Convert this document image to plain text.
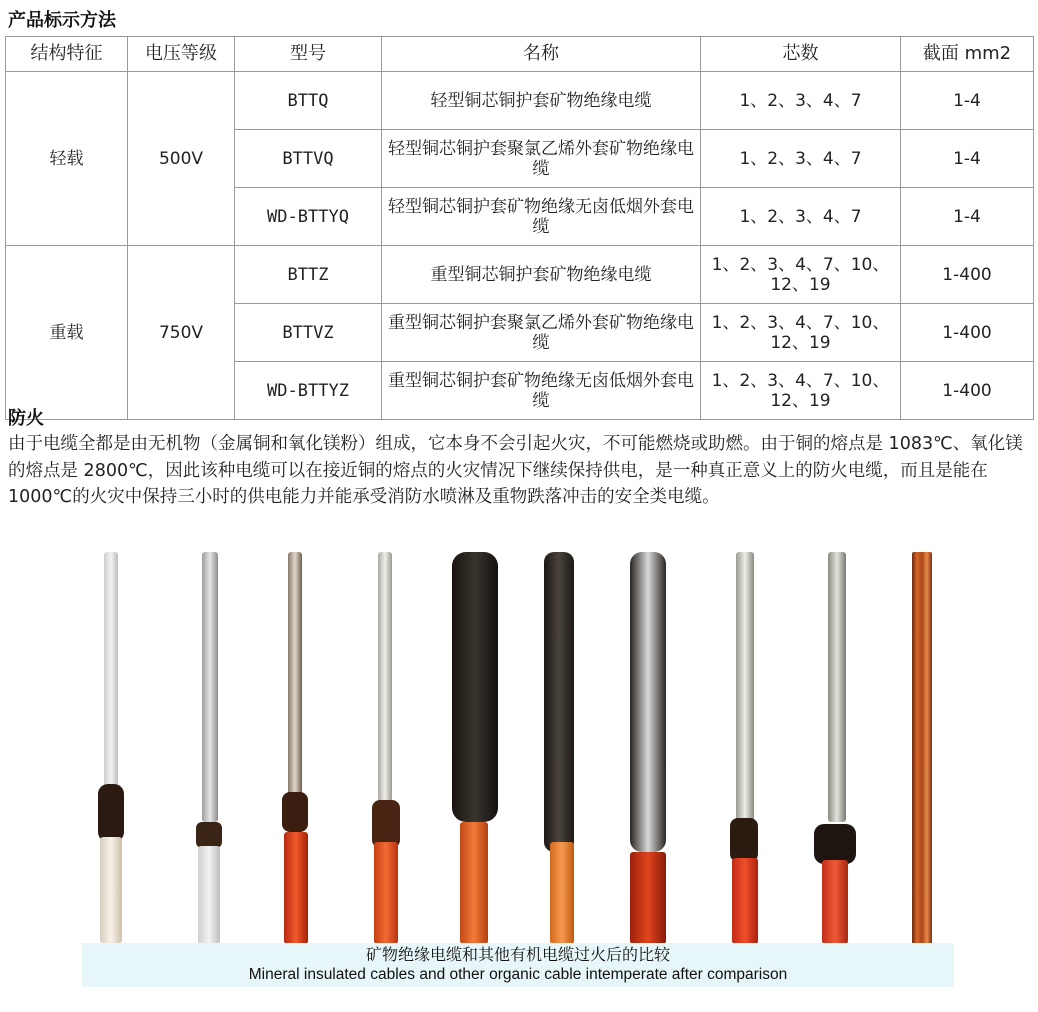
产品标示方法
结构特征	电压等级	型号	名称	芯数	截面 mm2
轻载	500V	BTTQ	轻型铜芯铜护套矿物绝缘电缆	1、2、3、4、7	1-4
		BTTVQ	轻型铜芯铜护套聚氯乙烯外套矿物绝缘电缆	1、2、3、4、7	1-4
		WD-BTTYQ	轻型铜芯铜护套矿物绝缘无卤低烟外套电缆	1、2、3、4、7	1-4
重载	750V	BTTZ	重型铜芯铜护套矿物绝缘电缆	1、2、3、4、7、10、12、19	1-400
		BTTVZ	重型铜芯铜护套聚氯乙烯外套矿物绝缘电缆	1、2、3、4、7、10、12、19	1-400
		WD-BTTYZ	重型铜芯铜护套矿物绝缘无卤低烟外套电缆	1、2、3、4、7、10、12、19	1-400
防火
由于电缆全都是由无机物（金属铜和氧化镁粉）组成，它本身不会引起火灾，不可能燃烧或助燃。由于铜的熔点是 1083℃、氧化镁的熔点是 2800℃，因此该种电缆可以在接近铜的熔点的火灾情况下继续保持供电，是一种真正意义上的防火电缆，而且是能在 1000℃的火灾中保持三小时的供电能力并能承受消防水喷淋及重物跌落冲击的安全类电缆。
矿物绝缘电缆和其他有机电缆过火后的比较
Mineral insulated cables and other organic cable intemperate after comparison
